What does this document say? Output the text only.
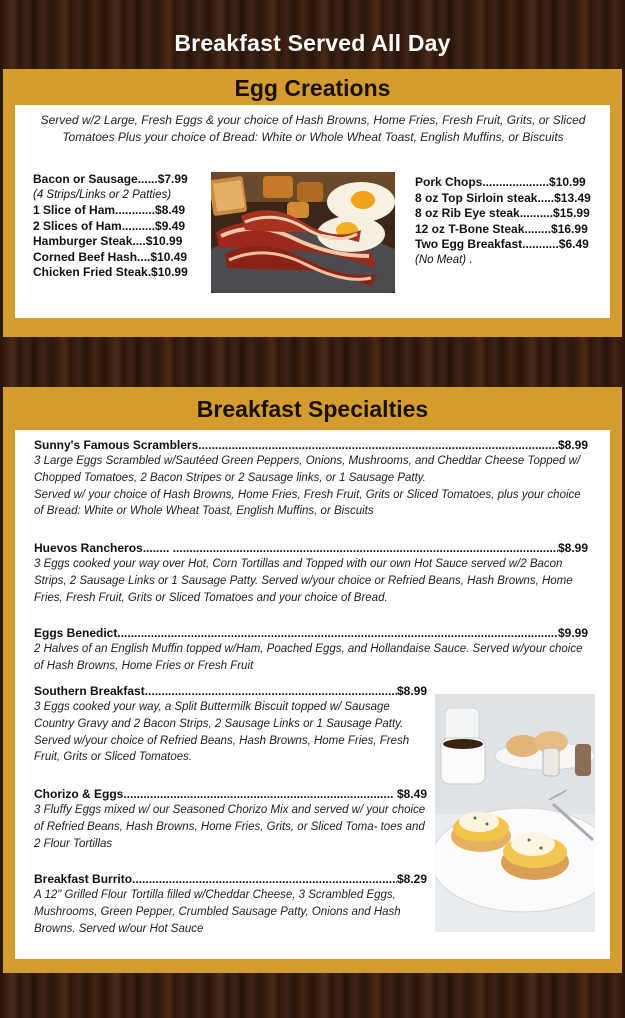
Breakfast Served All Day
Egg Creations
Served w/2 Large, Fresh Eggs & your choice of Hash Browns, Home Fries, Fresh Fruit, Grits, or Sliced Tomatoes Plus your choice of Bread: White or Whole Wheat Toast, English Muffins, or Biscuits
Bacon or Sausage......$7.99
(4 Strips/Links or 2 Patties)
1 Slice of Ham............$8.49
2 Slices of Ham..........$9.49
Hamburger Steak....$10.99
Corned Beef Hash....$10.49
Chicken Fried Steak.$10.99
Pork Chops....................$10.99
8 oz Top Sirloin steak.....$13.49
8 oz Rib Eye steak..........$15.99
12 oz T-Bone Steak........$16.99
Two Egg Breakfast...........$6.49
(No Meat) .
Breakfast Specialties
Sunny's Famous Scramblers .....	$8.99
3 Large Eggs Scrambled w/Sautéed Green Peppers, Onions, Mushrooms, and Cheddar Cheese Topped w/ Chopped Tomatoes, 2 Bacon Stripes or 2 Sausage links, or 1 Sausage Patty.
Served w/ your choice of Hash Browns, Home Fries, Fresh Fruit, Grits or Sliced Tomatoes, plus your choice of Bread: White or Whole Wheat Toast, English Muffins, or Biscuits
Huevos Rancheros........ .....	$8.99
3 Eggs cooked your way over Hot, Corn Tortillas and Topped with our own Hot Sauce served w/2 Bacon Strips, 2 Sausage Links or 1 Sausage Patty. Served w/your choice or Refried Beans, Hash Browns, Home Fries, Fresh Fruit, Grits or Sliced Tomatoes and your choice of Bread.
Eggs Benedict .....	$9.99
2 Halves of an English Muffin topped w/Ham, Poached Eggs, and Hollandaise Sauce. Served w/your choice of Hash Browns, Home Fries or Fresh Fruit
Southern Breakfast .....	$8.99
3 Eggs cooked your way, a Split Buttermilk Biscuit topped w/ Sausage Country Gravy and 2 Bacon Strips, 2 Sausage Links or 1 Sausage Patty. Served w/your choice of Refried Beans, Hash Browns, Home Fries, Fresh Fruit, Grits or Sliced Tomatoes.
Chorizo & Eggs .....	$8.49
3 Fluffy Eggs mixed w/ our Seasoned Chorizo Mix and served w/ your choice of Refried Beans, Hash Browns, Home Fries, Grits, or Sliced Toma- toes and 2 Flour Tortillas
Breakfast Burrito .....	$8.29
A 12" Grilled Flour Tortilla filled w/Cheddar Cheese, 3 Scrambled Eggs, Mushrooms, Green Pepper, Crumbled Sausage Patty, Onions and Hash Browns. Served w/our Hot Sauce
